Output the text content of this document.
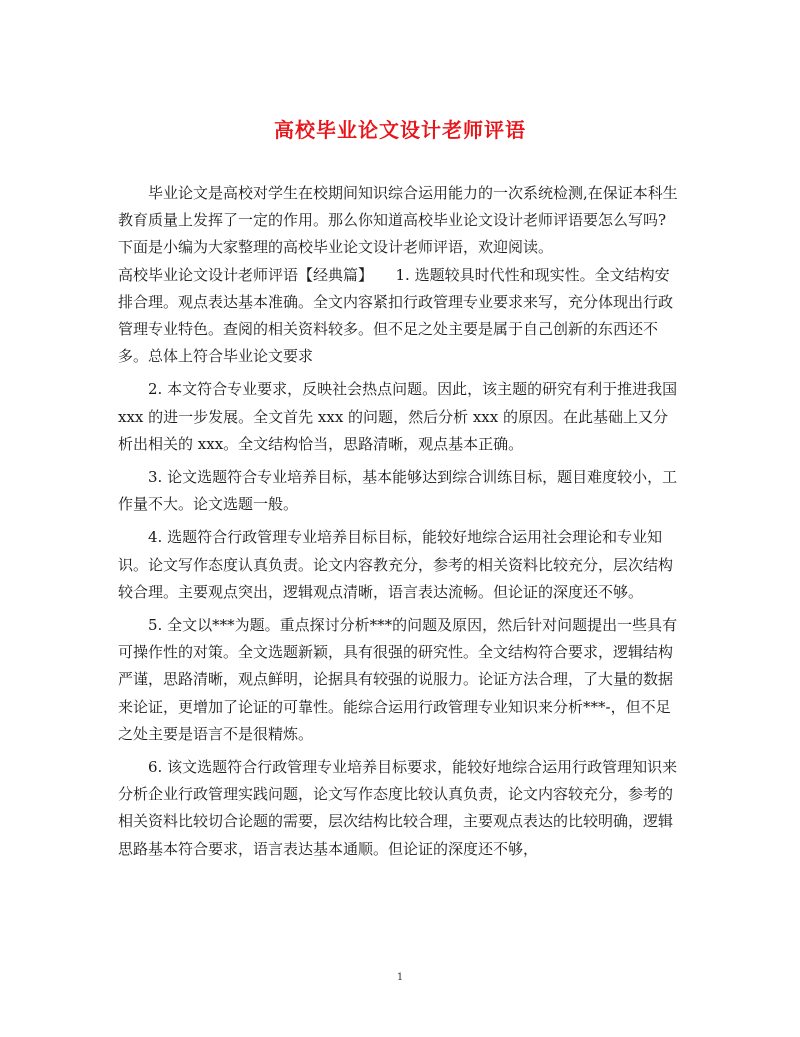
高校毕业论文设计老师评语

毕业论文是高校对学生在校期间知识综合运用能力的一次系统检测,在保证本科生教育质量上发挥了一定的作用。那么你知道高校毕业论文设计老师评语要怎么写吗?下面是小编为大家整理的高校毕业论文设计老师评语，欢迎阅读。

高校毕业论文设计老师评语【经典篇】　　1. 选题较具时代性和现实性。全文结构安排合理。观点表达基本准确。全文内容紧扣行政管理专业要求来写，充分体现出行政管理专业特色。查阅的相关资料较多。但不足之处主要是属于自己创新的东西还不多。总体上符合毕业论文要求

2. 本文符合专业要求，反映社会热点问题。因此，该主题的研究有利于推进我国 xxx 的进一步发展。全文首先 xxx 的问题，然后分析 xxx 的原因。在此基础上又分析出相关的 xxx。全文结构恰当，思路清晰，观点基本正确。

3. 论文选题符合专业培养目标，基本能够达到综合训练目标，题目难度较小，工作量不大。论文选题一般。

4. 选题符合行政管理专业培养目标目标，能较好地综合运用社会理论和专业知识。论文写作态度认真负责。论文内容教充分，参考的相关资料比较充分，层次结构较合理。主要观点突出，逻辑观点清晰，语言表达流畅。但论证的深度还不够。

5. 全文以***为题。重点探讨分析***的问题及原因，然后针对问题提出一些具有可操作性的对策。全文选题新颖，具有很强的研究性。全文结构符合要求，逻辑结构严谨，思路清晰，观点鲜明，论据具有较强的说服力。论证方法合理，了大量的数据来论证，更增加了论证的可靠性。能综合运用行政管理专业知识来分析***-，但不足之处主要是语言不是很精炼。

6. 该文选题符合行政管理专业培养目标要求，能较好地综合运用行政管理知识来分析企业行政管理实践问题，论文写作态度比较认真负责，论文内容较充分，参考的相关资料比较切合论题的需要，层次结构比较合理，主要观点表达的比较明确，逻辑思路基本符合要求，语言表达基本通顺。但论证的深度还不够，

1
